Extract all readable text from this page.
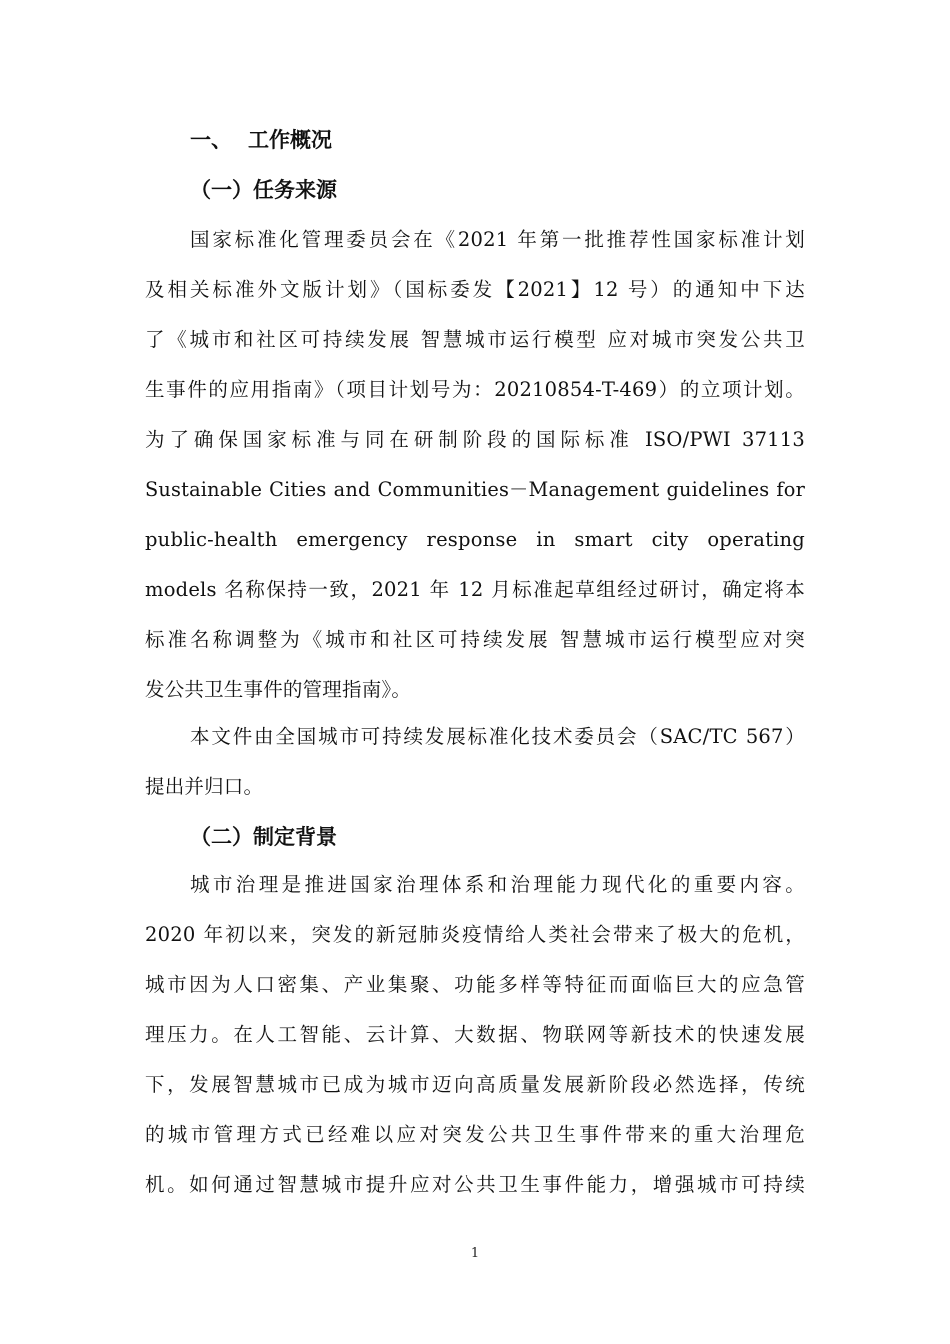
一、 工作概况
（一）任务来源

国家标准化管理委员会在《2021 年第一批推荐性国家标准计划
及相关标准外文版计划》（国标委发【2021】12 号）的通知中下达
了《城市和社区可持续发展 智慧城市运行模型 应对城市突发公共卫
生事件的应用指南》（项目计划号为：20210854-T-469）的立项计划。
为了确保国家标准与同在研制阶段的国际标准 ISO/PWI 37113
Sustainable Cities and Communities－Management guidelines for
public-health emergency response in smart city operating
models 名称保持一致，2021 年 12 月标准起草组经过研讨，确定将本
标准名称调整为《城市和社区可持续发展 智慧城市运行模型应对突
发公共卫生事件的管理指南》。

本文件由全国城市可持续发展标准化技术委员会（SAC/TC 567）
提出并归口。

（二）制定背景

城市治理是推进国家治理体系和治理能力现代化的重要内容。
2020 年初以来，突发的新冠肺炎疫情给人类社会带来了极大的危机，
城市因为人口密集、产业集聚、功能多样等特征而面临巨大的应急管
理压力。在人工智能、云计算、大数据、物联网等新技术的快速发展
下，发展智慧城市已成为城市迈向高质量发展新阶段必然选择，传统
的城市管理方式已经难以应对突发公共卫生事件带来的重大治理危
机。如何通过智慧城市提升应对公共卫生事件能力，增强城市可持续

1
